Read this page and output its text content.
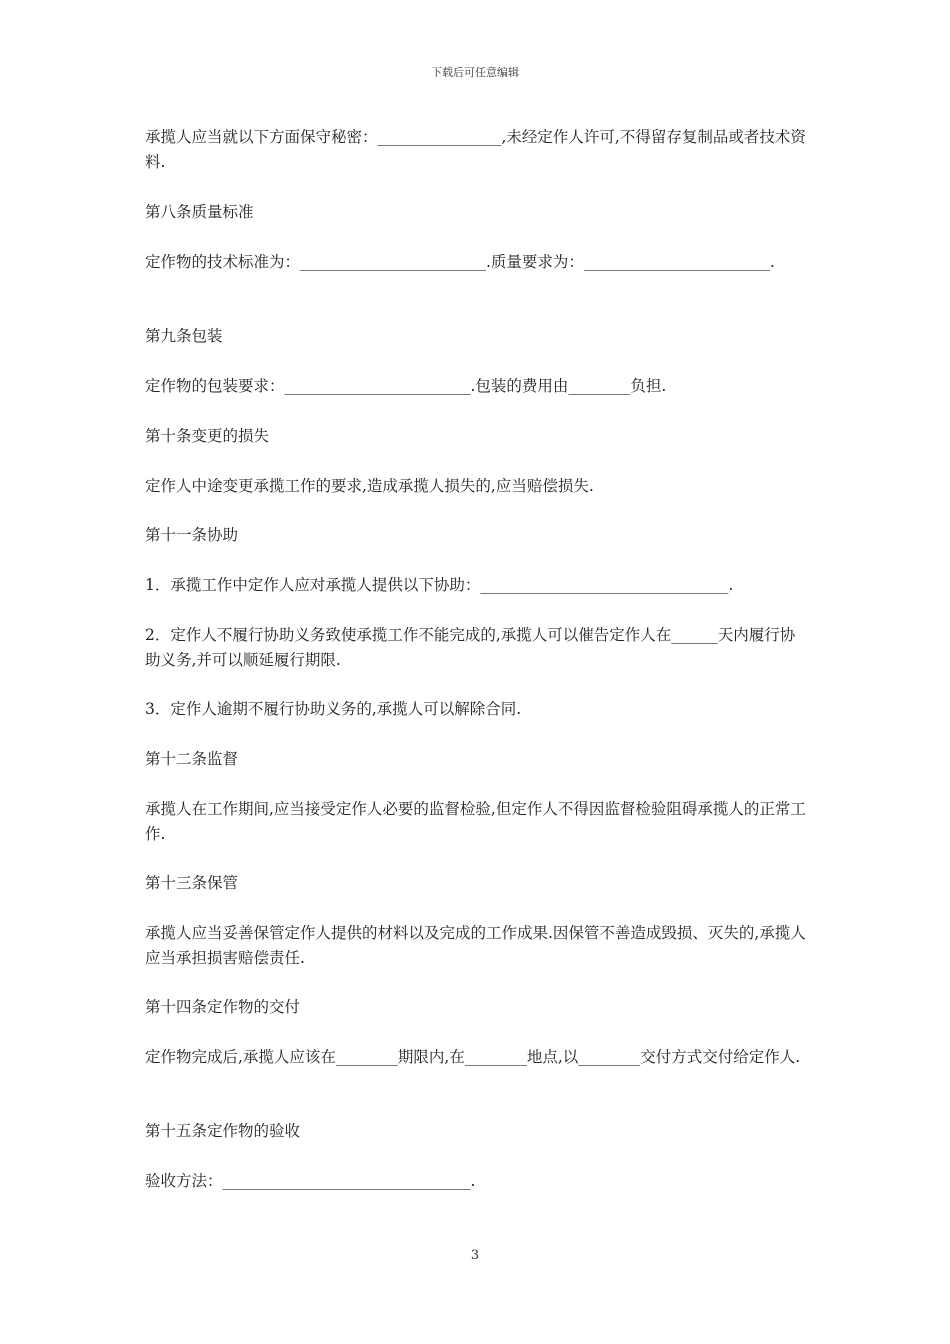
下载后可任意编辑

承揽人应当就以下方面保守秘密：________________,未经定作人许可,不得留存复制品或者技术资料.

第八条质量标准

定作物的技术标准为：________________________.质量要求为：________________________.

第九条包装

定作物的包装要求：________________________.包装的费用由________负担.

第十条变更的损失

定作人中途变更承揽工作的要求,造成承揽人损失的,应当赔偿损失.

第十一条协助

1．承揽工作中定作人应对承揽人提供以下协助：________________________________.

2．定作人不履行协助义务致使承揽工作不能完成的,承揽人可以催告定作人在______天内履行协助义务,并可以顺延履行期限.

3．定作人逾期不履行协助义务的,承揽人可以解除合同.

第十二条监督

承揽人在工作期间,应当接受定作人必要的监督检验,但定作人不得因监督检验阻碍承揽人的正常工作.

第十三条保管

承揽人应当妥善保管定作人提供的材料以及完成的工作成果.因保管不善造成毁损、灭失的,承揽人应当承担损害赔偿责任.

第十四条定作物的交付

定作物完成后,承揽人应该在________期限内,在________地点,以________交付方式交付给定作人.

第十五条定作物的验收

验收方法：________________________________.

3
